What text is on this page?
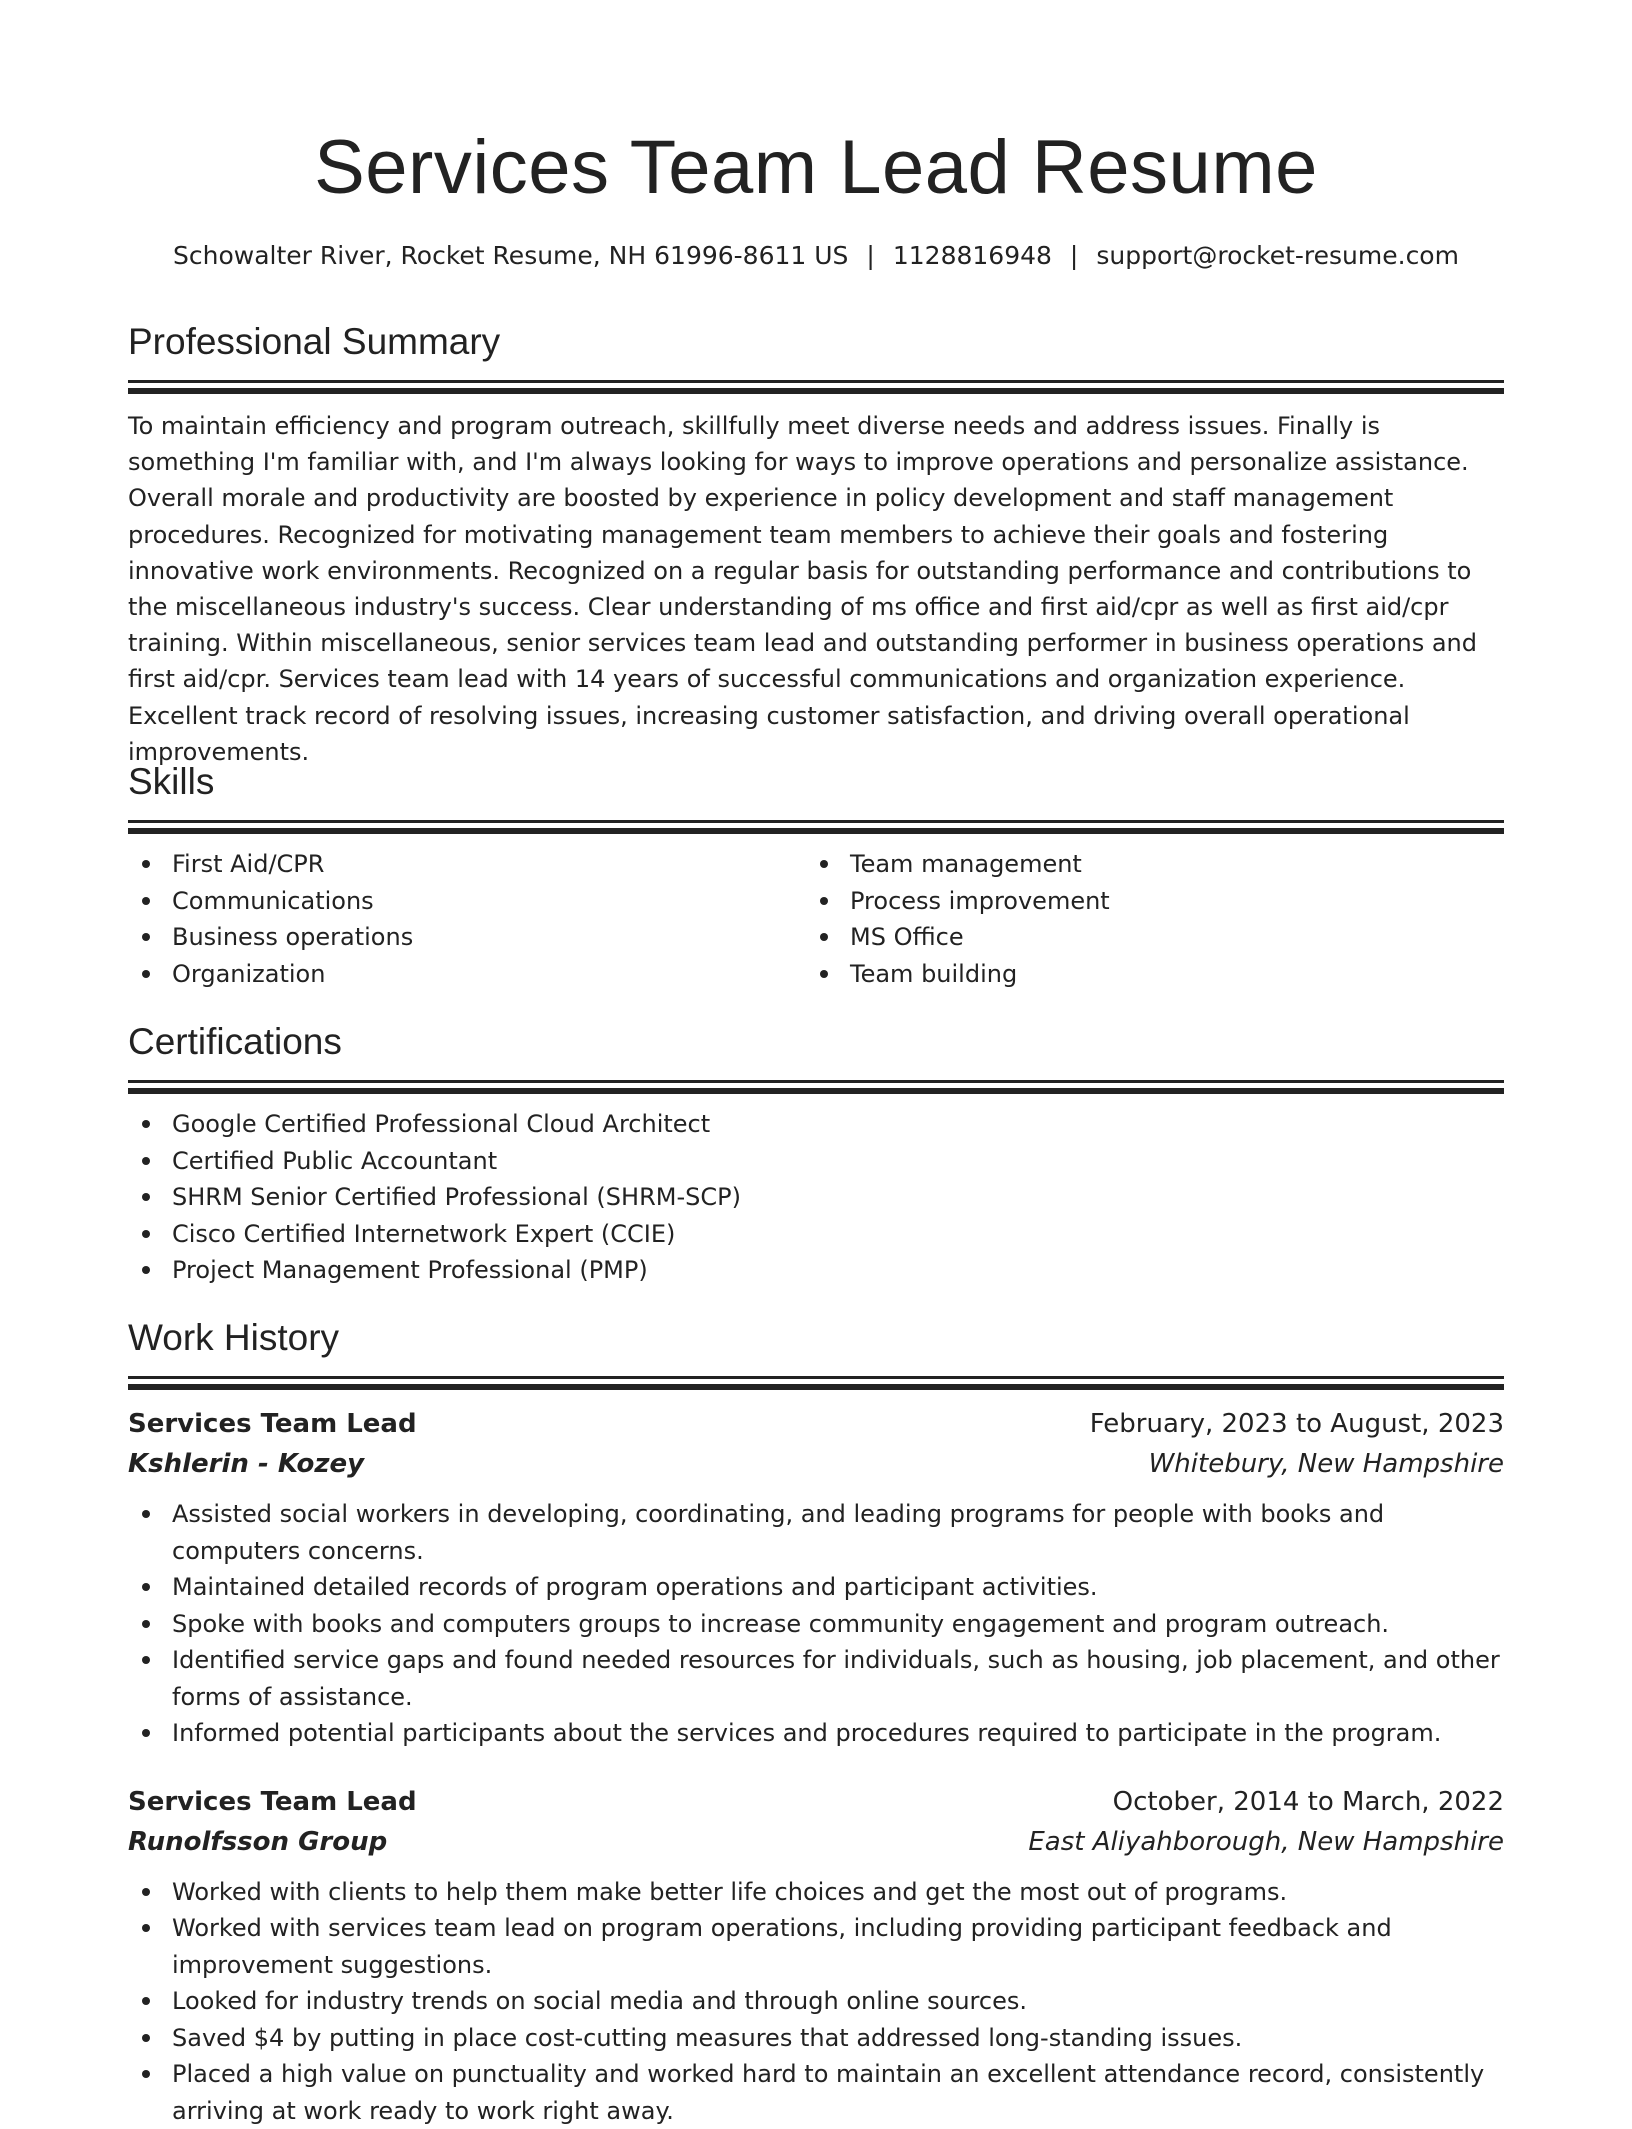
Services Team Lead Resume
Schowalter River, Rocket Resume, NH 61996-8611 US | 1128816948 | support@rocket-resume.com
Professional Summary

To maintain efficiency and program outreach, skillfully meet diverse needs and address issues. Finally is something I'm familiar with, and I'm always looking for ways to improve operations and personalize assistance. Overall morale and productivity are boosted by experience in policy development and staff management procedures. Recognized for motivating management team members to achieve their goals and fostering innovative work environments. Recognized on a regular basis for outstanding performance and contributions to the miscellaneous industry's success. Clear understanding of ms office and first aid/cpr as well as first aid/cpr training. Within miscellaneous, senior services team lead and outstanding performer in business operations and first aid/cpr. Services team lead with 14 years of successful communications and organization experience. Excellent track record of resolving issues, increasing customer satisfaction, and driving overall operational improvements.

Skills
First Aid/CPR
Communications
Business operations
Organization
Team management
Process improvement
MS Office
Team building
Certifications
Google Certified Professional Cloud Architect
Certified Public Accountant
SHRM Senior Certified Professional (SHRM-SCP)
Cisco Certified Internetwork Expert (CCIE)
Project Management Professional (PMP)
Work History
Services Team Lead	February, 2023 to August, 2023
Kshlerin - Kozey	Whitebury, New Hampshire
Assisted social workers in developing, coordinating, and leading programs for people with books and computers concerns.
Maintained detailed records of program operations and participant activities.
Spoke with books and computers groups to increase community engagement and program outreach.
Identified service gaps and found needed resources for individuals, such as housing, job placement, and other forms of assistance.
Informed potential participants about the services and procedures required to participate in the program.
Services Team Lead	October, 2014 to March, 2022
Runolfsson Group	East Aliyahborough, New Hampshire
Worked with clients to help them make better life choices and get the most out of programs.
Worked with services team lead on program operations, including providing participant feedback and improvement suggestions.
Looked for industry trends on social media and through online sources.
Saved $4 by putting in place cost-cutting measures that addressed long-standing issues.
Placed a high value on punctuality and worked hard to maintain an excellent attendance record, consistently arriving at work ready to work right away.
